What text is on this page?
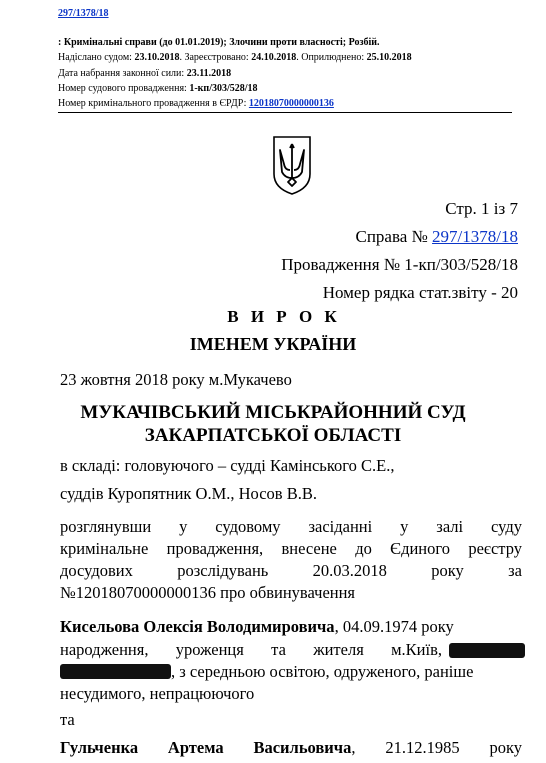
297/1378/18
: Кримінальні справи (до 01.01.2019); Злочини проти власності; Розбій.
Надіслано судом: 23.10.2018. Зареєстровано: 24.10.2018. Оприлюднено: 25.10.2018
Дата набрання законної сили: 23.11.2018
Номер судового провадження: 1-кп/303/528/18
Номер кримінального провадження в ЄРДР: 12018070000000136
Стр. 1 із 7
Справа № 297/1378/18
Провадження № 1-кп/303/528/18
Номер рядка стат.звіту - 20
В И Р О К
ІМЕНЕМ УКРАЇНИ
23 жовтня 2018 року м.Мукачево
МУКАЧІВСЬКИЙ МІСЬКРАЙОННИЙ СУД
ЗАКАРПАТСЬКОЇ ОБЛАСТІ
в складі: головуючого – судді Камінського С.Е.,
суддів Куропятник О.М., Носов В.В.
розглянувши у судовому засіданні у залі суду
кримінальне провадження, внесене до Єдиного реєстру
досудових розслідувань 20.03.2018 року за
№12018070000000136 про обвинувачення
Кисельова Олексія Володимировича, 04.09.1974 року
народження, уроженця та жителя м.Київ,
, з середньою освітою, одруженого, раніше
несудимого, непрацюючого
та
Гульченка Артема Васильовича, 21.12.1985 року
